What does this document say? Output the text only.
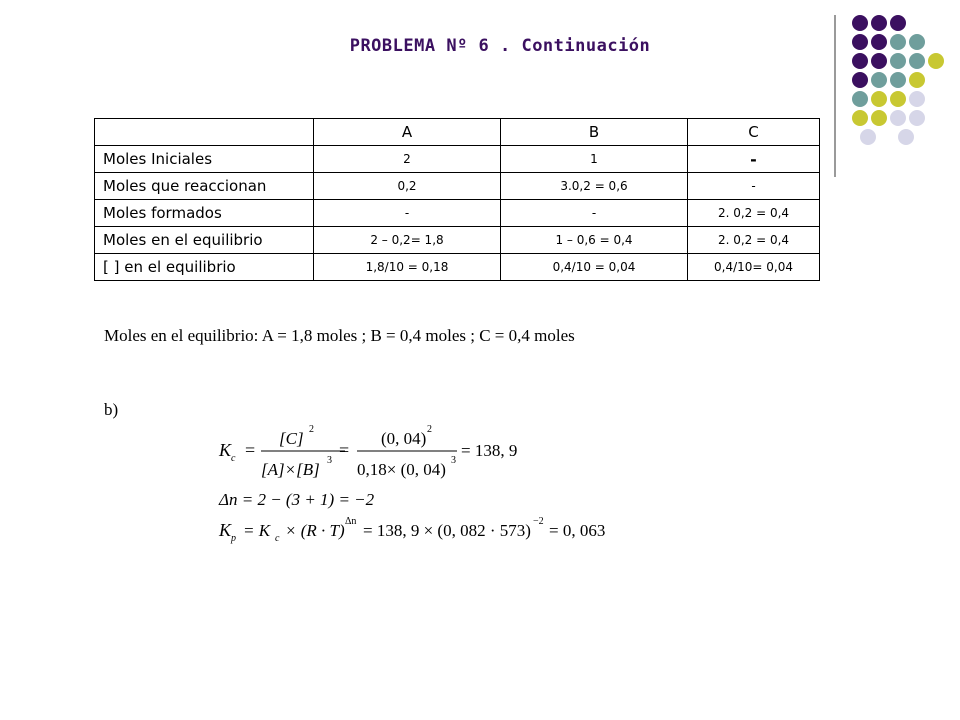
PROBLEMA Nº 6 . Continuación
	A	B	C
Moles Iniciales	2	1	-
Moles que reaccionan	0,2	3.0,2 = 0,6	-
Moles formados	-	-	2. 0,2 = 0,4
Moles en el equilibrio	2 – 0,2= 1,8	1 – 0,6 = 0,4	2. 0,2 = 0,4
[ ] en el equilibrio	1,8/10 = 0,18	0,4/10 = 0,04	0,4/10= 0,04
Moles en el equilibrio: A = 1,8 moles ; B = 0,4 moles ; C = 0,4 moles
b)
K c =
[C] 2
[A]×[B] 3
=
(0, 04) 2
0,18× (0, 04) 3
= 138, 9
Δn = 2 − (3 + 1) = −2
K p = K c × (R · T) Δn = 138, 9 × (0, 082 · 573) −2 = 0, 063
